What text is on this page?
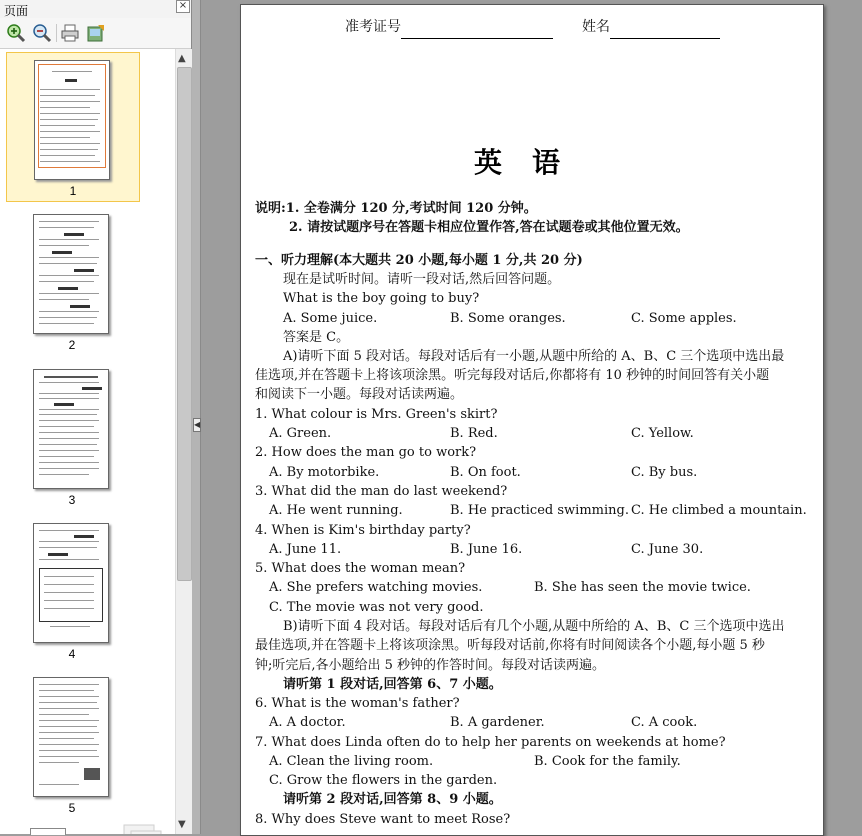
页面	×
1
2
3
4
5
▲
▼
◀
准考证号	姓名
英语
说明:1. 全卷满分 120 分,考试时间 120 分钟。
2. 请按试题序号在答题卡相应位置作答,答在试题卷或其他位置无效。
一、听力理解(本大题共 20 小题,每小题 1 分,共 20 分)
现在是试听时间。请听一段对话,然后回答问题。
What is the boy going to buy?
A. Some juice.	B. Some oranges.	C. Some apples.
答案是 C。
A)请听下面 5 段对话。每段对话后有一小题,从题中所给的 A、B、C 三个选项中选出最
佳选项,并在答题卡上将该项涂黑。听完每段对话后,你都将有 10 秒钟的时间回答有关小题
和阅读下一小题。每段对话读两遍。
1. What colour is Mrs. Green's skirt?
A. Green.	B. Red.	C. Yellow.
2. How does the man go to work?
A. By motorbike.	B. On foot.	C. By bus.
3. What did the man do last weekend?
A. He went running.	B. He practiced swimming. C. He climbed a mountain.
4. When is Kim's birthday party?
A. June 11.	B. June 16.	C. June 30.
5. What does the woman mean?
A. She prefers watching movies.	B. She has seen the movie twice.
C. The movie was not very good.
B)请听下面 4 段对话。每段对话后有几个小题,从题中所给的 A、B、C 三个选项中选出
最佳选项,并在答题卡上将该项涂黑。听每段对话前,你将有时间阅读各个小题,每小题 5 秒
钟;听完后,各小题给出 5 秒钟的作答时间。每段对话读两遍。
请听第 1 段对话,回答第 6、7 小题。
6. What is the woman's father?
A. A doctor.	B. A gardener.	C. A cook.
7. What does Linda often do to help her parents on weekends at home?
A. Clean the living room.	B. Cook for the family.
C. Grow the flowers in the garden.
请听第 2 段对话,回答第 8、9 小题。
8. Why does Steve want to meet Rose?
